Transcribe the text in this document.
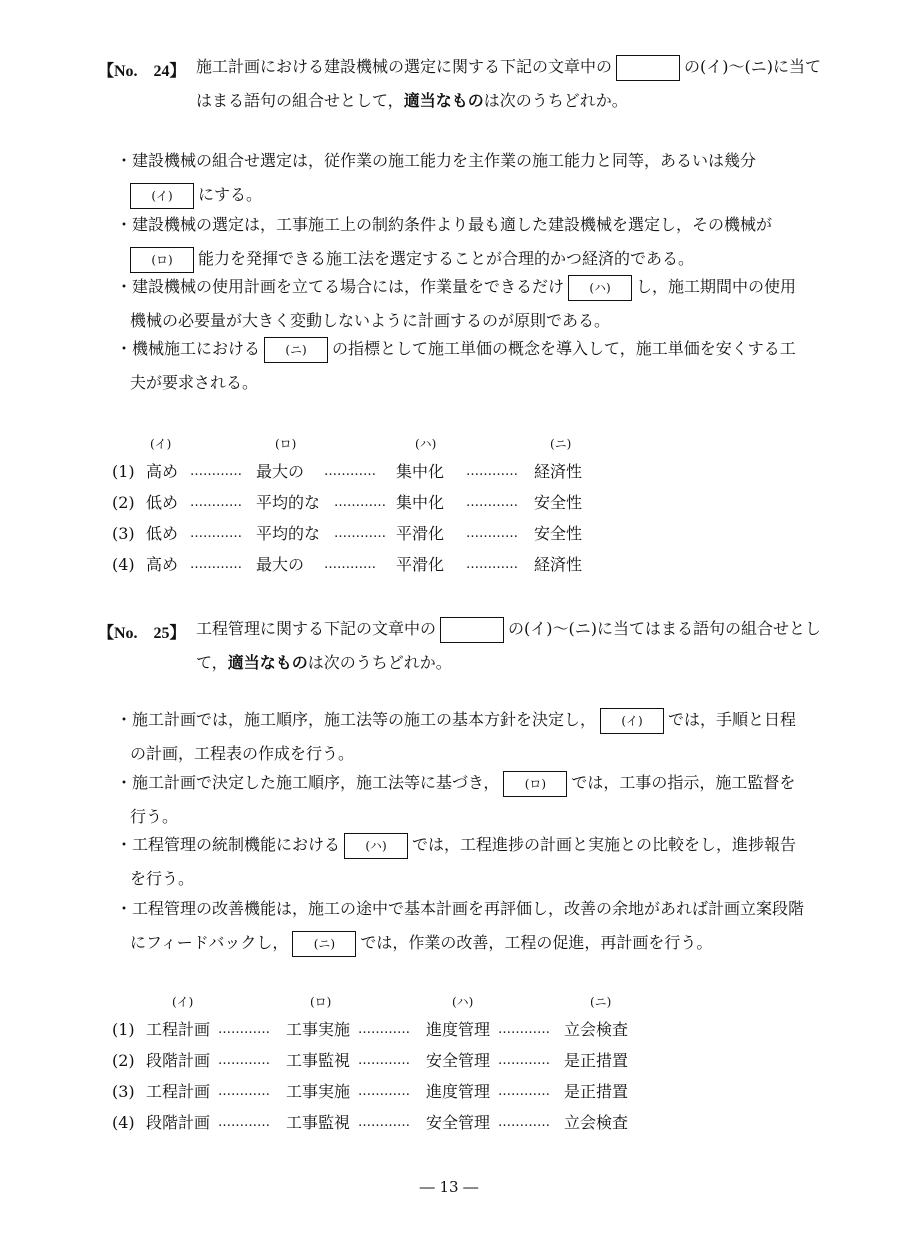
【No.　24】 施工計画における建設機械の選定に関する下記の文章中の	の(イ)～(ニ)に当て
はまる語句の組合せとして，適当なものは次のうちどれか。
・建設機械の組合せ選定は，従作業の施工能力を主作業の施工能力と同等，あるいは幾分
(イ) にする。
・建設機械の選定は，工事施工上の制約条件より最も適した建設機械を選定し，その機械が
(ロ) 能力を発揮できる施工法を選定することが合理的かつ経済的である。
・建設機械の使用計画を立てる場合には，作業量をできるだけ (ハ) し，施工期間中の使用
機械の必要量が大きく変動しないように計画するのが原則である。
・機械施工における (ニ) の指標として施工単価の概念を導入して，施工単価を安くする工
夫が要求される。
(イ)	(ロ)	(ハ)	(ニ)
(1) 高め ………… 最大の ………… 集中化 ………… 経済性
(2) 低め ………… 平均的な ………… 集中化 ………… 安全性
(3) 低め ………… 平均的な ………… 平滑化 ………… 安全性
(4) 高め ………… 最大の ………… 平滑化 ………… 経済性
【No.　25】 工程管理に関する下記の文章中の	の(イ)～(ニ)に当てはまる語句の組合せとし
て，適当なものは次のうちどれか。
・施工計画では，施工順序，施工法等の施工の基本方針を決定し， (イ) では，手順と日程
の計画，工程表の作成を行う。
・施工計画で決定した施工順序，施工法等に基づき， (ロ) では，工事の指示，施工監督を
行う。
・工程管理の統制機能における (ハ) では，工程進捗の計画と実施との比較をし，進捗報告
を行う。
・工程管理の改善機能は，施工の途中で基本計画を再評価し，改善の余地があれば計画立案段階
にフィードバックし， (ニ) では，作業の改善，工程の促進，再計画を行う。
(イ)	(ロ)	(ハ)	(ニ)
(1) 工程計画 ………… 工事実施 ………… 進度管理 ………… 立会検査
(2) 段階計画 ………… 工事監視 ………… 安全管理 ………… 是正措置
(3) 工程計画 ………… 工事実施 ………… 進度管理 ………… 是正措置
(4) 段階計画 ………… 工事監視 ………… 安全管理 ………… 立会検査
― 13 ―
